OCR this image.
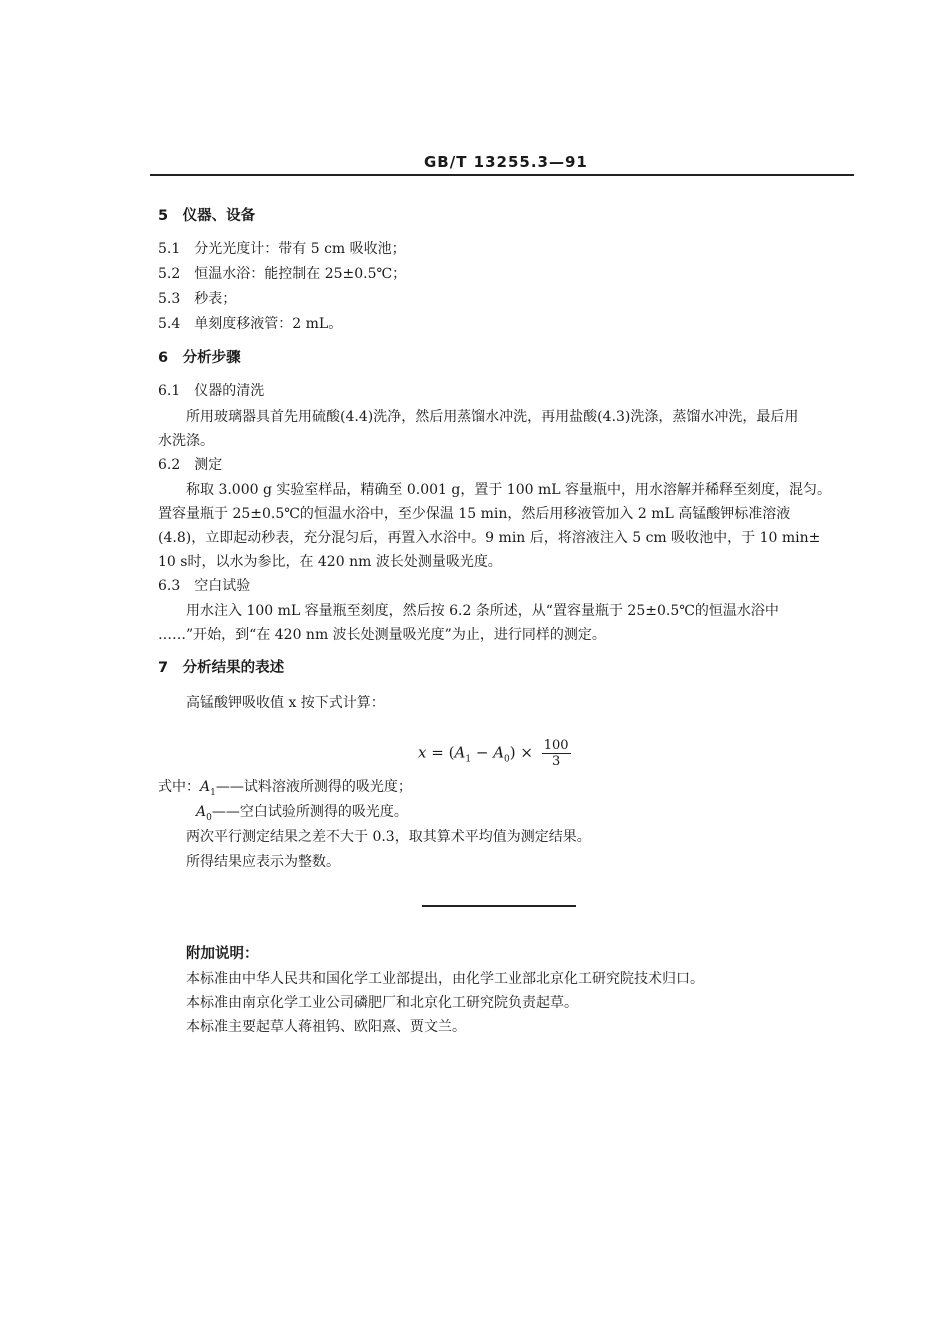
GB/T 13255.3—91
5　仪器、设备
5.1　 分光光度计：带有 5 cm 吸收池；
5.2　 恒温水浴：能控制在 25±0.5℃；
5.3　 秒表；
5.4　 单刻度移液管：2 mL。
6　分析步骤
6.1　 仪器的清洗
所用玻璃器具首先用硫酸(4.4)洗净，然后用蒸馏水冲洗，再用盐酸(4.3)洗涤，蒸馏水冲洗，最后用
水洗涤。
6.2　 测定
称取 3.000 g 实验室样品，精确至 0.001 g，置于 100 mL 容量瓶中，用水溶解并稀释至刻度，混匀。
置容量瓶于 25±0.5℃的恒温水浴中，至少保温 15 min，然后用移液管加入 2 mL 高锰酸钾标准溶液
(4.8)，立即起动秒表，充分混匀后，再置入水浴中。9 min 后，将溶液注入 5 cm 吸收池中，于 10 min±
10 s时，以水为参比，在 420 nm 波长处测量吸光度。
6.3　 空白试验
用水注入 100 mL 容量瓶至刻度，然后按 6.2 条所述，从“置容量瓶于 25±0.5℃的恒温水浴中
……”开始，到“在 420 nm 波长处测量吸光度”为止，进行同样的测定。
7　分析结果的表述
高锰酸钾吸收值 x 按下式计算：
$x = (A_1 - A_0) \times \frac{100}{3}$
式中：$A_1——$试料溶液所测得的吸光度；
$A_0——$空白试验所测得的吸光度。
两次平行测定结果之差不大于 0.3，取其算术平均值为测定结果。
所得结果应表示为整数。
附加说明：
本标准由中华人民共和国化学工业部提出，由化学工业部北京化工研究院技术归口。
本标准由南京化学工业公司磷肥厂和北京化工研究院负责起草。
本标准主要起草人蒋祖钨、欧阳熹、贾文兰。
